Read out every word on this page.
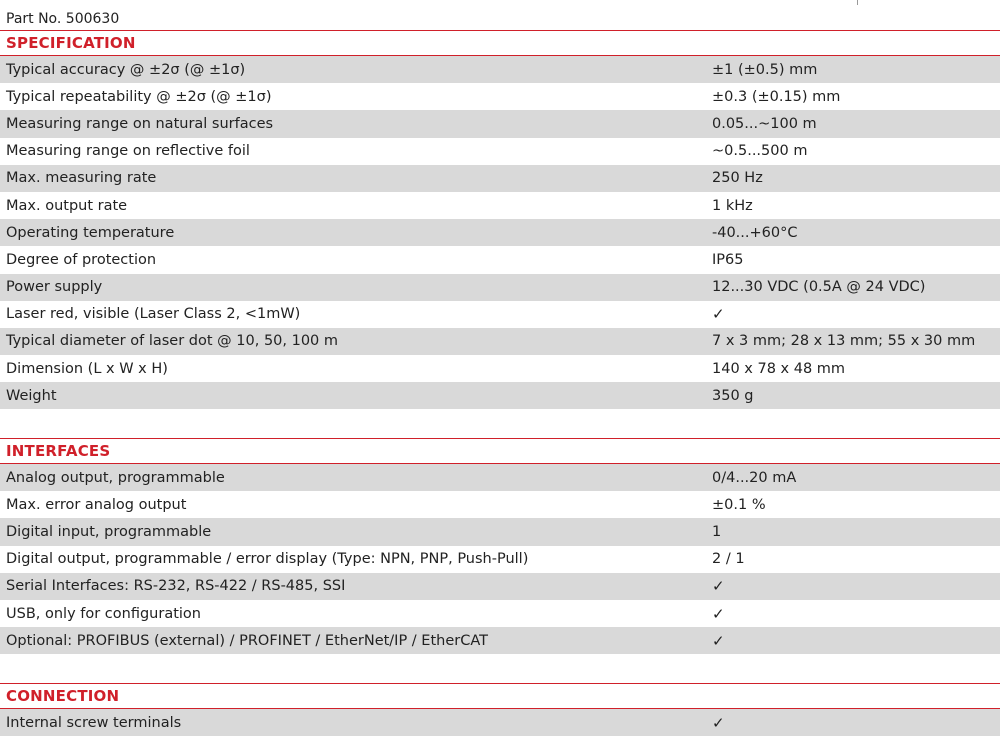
Part No. 500630
SPECIFICATION
Typical accuracy @ ±2σ (@ ±1σ)	±1 (±0.5) mm
Typical repeatability @ ±2σ (@ ±1σ)	±0.3 (±0.15) mm
Measuring range on natural surfaces	0.05...~100 m
Measuring range on reflective foil	~0.5...500 m
Max. measuring rate	250 Hz
Max. output rate	1 kHz
Operating temperature	-40...+60°C
Degree of protection	IP65
Power supply	12...30 VDC (0.5A @ 24 VDC)
Laser red, visible (Laser Class 2, <1mW)	✓
Typical diameter of laser dot @ 10, 50, 100 m	7 x 3 mm; 28 x 13 mm; 55 x 30 mm
Dimension (L x W x H)	140 x 78 x 48 mm
Weight	350 g
INTERFACES
Analog output, programmable	0/4...20 mA
Max. error analog output	±0.1 %
Digital input, programmable	1
Digital output, programmable / error display (Type: NPN, PNP, Push-Pull)	2 / 1
Serial Interfaces: RS-232, RS-422 / RS-485, SSI	✓
USB, only for configuration	✓
Optional: PROFIBUS (external) / PROFINET / EtherNet/IP / EtherCAT	✓
CONNECTION
Internal screw terminals	✓
